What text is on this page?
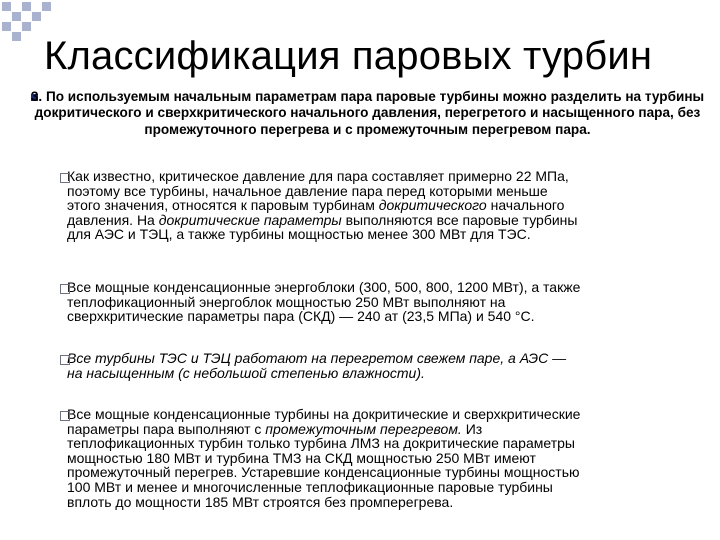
Классификация паровых турбин
3. По используемым начальным параметрам пара паровые турбины можно разделить на турбины докритического и сверхкритического начального давления, перегретого и насыщенного пара, без промежуточного перегрева и с промежуточным перегревом пара.
Как известно, критическое давление для пара составляет примерно 22 МПа,
поэтому все турбины, начальное давление пара перед которыми меньше
этого значения, относятся к паровым турбинам докритического начального
давления. На докритические параметры выполняются все паровые турбины
для АЭС и ТЭЦ, а также турбины мощностью менее 300 МВт для ТЭС.
Все мощные конденсационные энергоблоки (300, 500, 800, 1200 МВт), а также
теплофикационный энергоблок мощностью 250 МВт выполняют на
сверхкритические параметры пара (СКД) — 240 ат (23,5 МПа) и 540 °С.
Все турбины ТЭС и ТЭЦ работают на перегретом свежем паре, а АЭС —
на насыщенным (с небольшой степенью влажности).
Все мощные конденсационные турбины на докритические и сверхкритические
параметры пара выполняют с промежуточным перегревом. Из
теплофикационных турбин только турбина ЛМЗ на докритические параметры
мощностью 180 МВт и турбина ТМЗ на СКД мощностью 250 МВт имеют
промежуточный перегрев. Устаревшие конденсационные турбины мощностью
100 МВт и менее и многочисленные теплофикационные паровые турбины
вплоть до мощности 185 МВт строятся без промперегрева.
